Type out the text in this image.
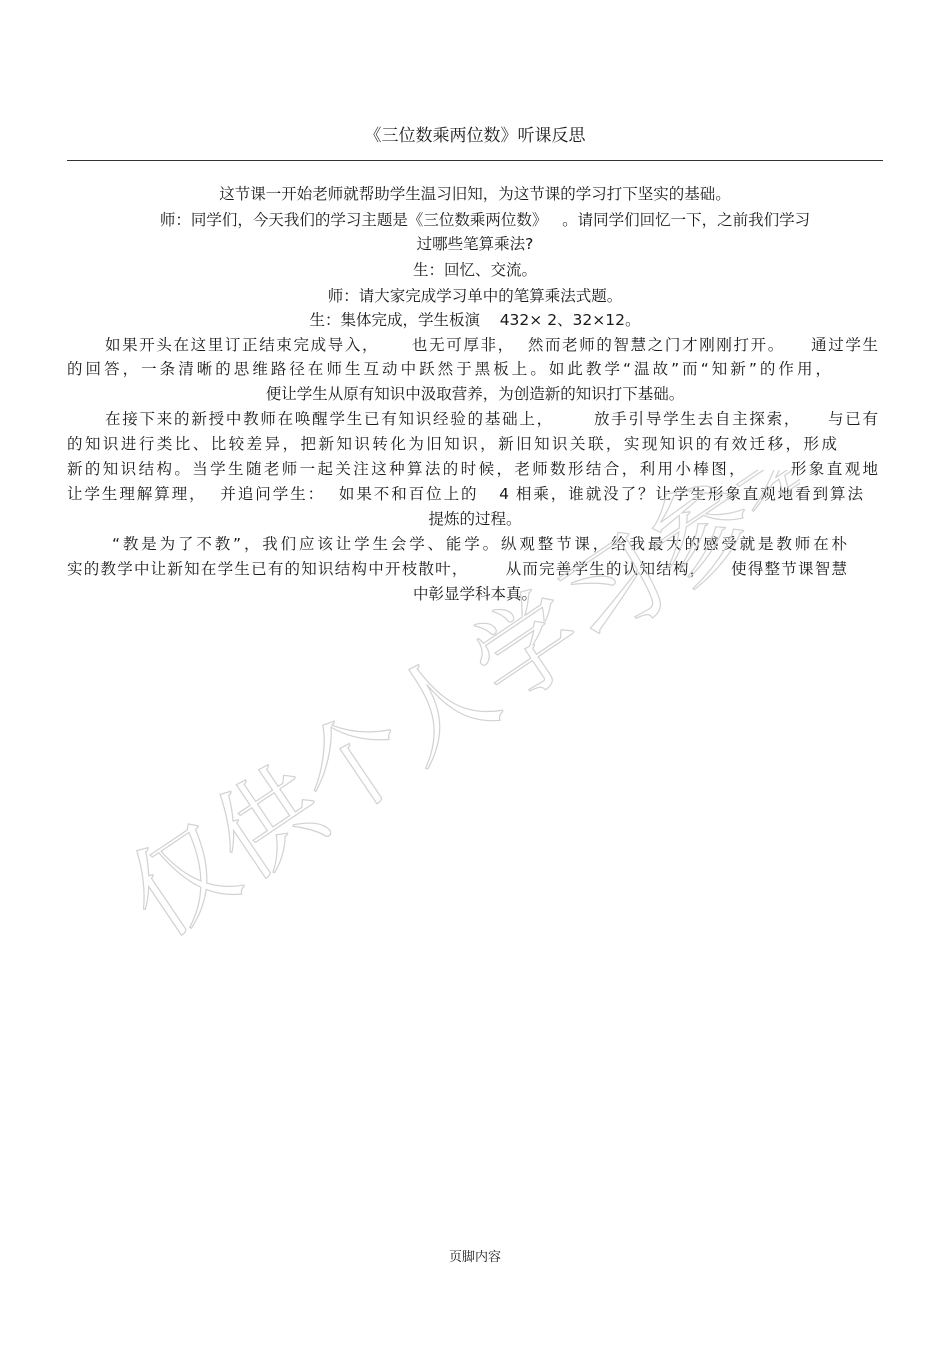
《三位数乘两位数》听课反思
这节课一开始老师就帮助学生温习旧知，为这节课的学习打下坚实的基础。
师：同学们，今天我们的学习主题是《三位数乘两位数》   。请同学们回忆一下，之前我们学习
过哪些笔算乘法?
生：回忆、交流。
师：请大家完成学习单中的笔算乘法式题。
生：集体完成，学生板演    432× 2、32×12。
如果开头在这里订正结束完成导入，     也无可厚非，  然而老师的智慧之门才刚刚打开。    通过学生
的回答，一条清晰的思维路径在师生互动中跃然于黑板上。如此教学“温故”而“知新”的作用，
便让学生从原有知识中汲取营养，为创造新的知识打下基础。
在接下来的新授中教师在唤醒学生已有知识经验的基础上，      放手引导学生去自主探索，    与已有
的知识进行类比、比较差异，把新知识转化为旧知识，新旧知识关联，实现知识的有效迁移，形成
新的知识结构。当学生随老师一起关注这种算法的时候，老师数形结合，利用小棒图，      形象直观地
让学生理解算理，  并追问学生：  如果不和百位上的   4 相乘，谁就没了？让学生形象直观地看到算法
提炼的过程。
“教是为了不教”，我们应该让学生会学、能学。纵观整节课，给我最大的感受就是教师在朴
实的教学中让新知在学生已有的知识结构中开枝散叶，      从而完善学生的认知结构，    使得整节课智慧
中彰显学科本真。
仅供个人学习参考
页脚内容
